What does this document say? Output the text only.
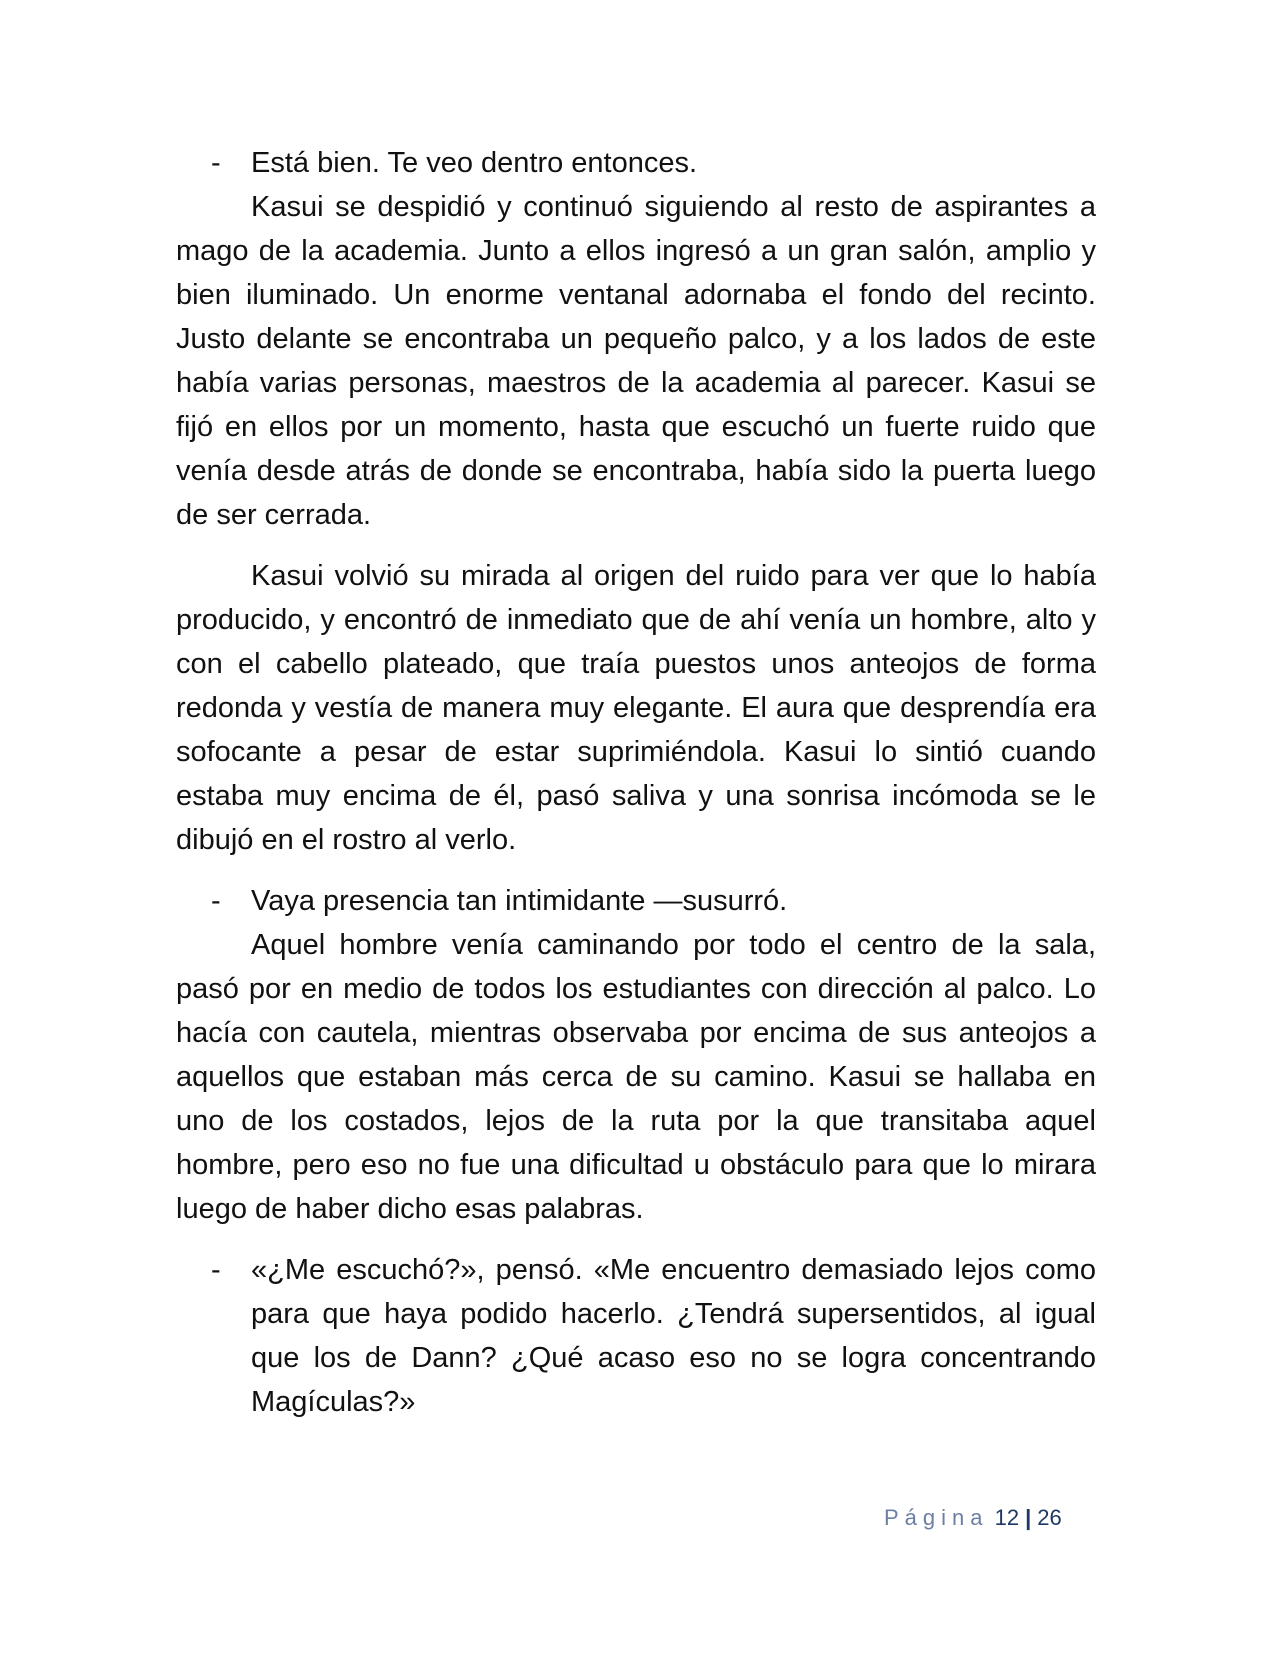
- Está bien. Te veo dentro entonces.

Kasui se despidió y continuó siguiendo al resto de aspirantes a mago de la academia. Junto a ellos ingresó a un gran salón, amplio y bien iluminado. Un enorme ventanal adornaba el fondo del recinto. Justo delante se encontraba un pequeño palco, y a los lados de este había varias personas, maestros de la academia al parecer. Kasui se fijó en ellos por un momento, hasta que escuchó un fuerte ruido que venía desde atrás de donde se encontraba, había sido la puerta luego de ser cerrada.

Kasui volvió su mirada al origen del ruido para ver que lo había producido, y encontró de inmediato que de ahí venía un hombre, alto y con el cabello plateado, que traía puestos unos anteojos de forma redonda y vestía de manera muy elegante. El aura que desprendía era sofocante a pesar de estar suprimiéndola. Kasui lo sintió cuando estaba muy encima de él, pasó saliva y una sonrisa incómoda se le dibujó en el rostro al verlo.

- Vaya presencia tan intimidante —susurró.

Aquel hombre venía caminando por todo el centro de la sala, pasó por en medio de todos los estudiantes con dirección al palco. Lo hacía con cautela, mientras observaba por encima de sus anteojos a aquellos que estaban más cerca de su camino. Kasui se hallaba en uno de los costados, lejos de la ruta por la que transitaba aquel hombre, pero eso no fue una dificultad u obstáculo para que lo mirara luego de haber dicho esas palabras.

- «¿Me escuchó?», pensó. «Me encuentro demasiado lejos como para que haya podido hacerlo. ¿Tendrá supersentidos, al igual que los de Dann? ¿Qué acaso eso no se logra concentrando Magículas?»

Página 12 | 26
